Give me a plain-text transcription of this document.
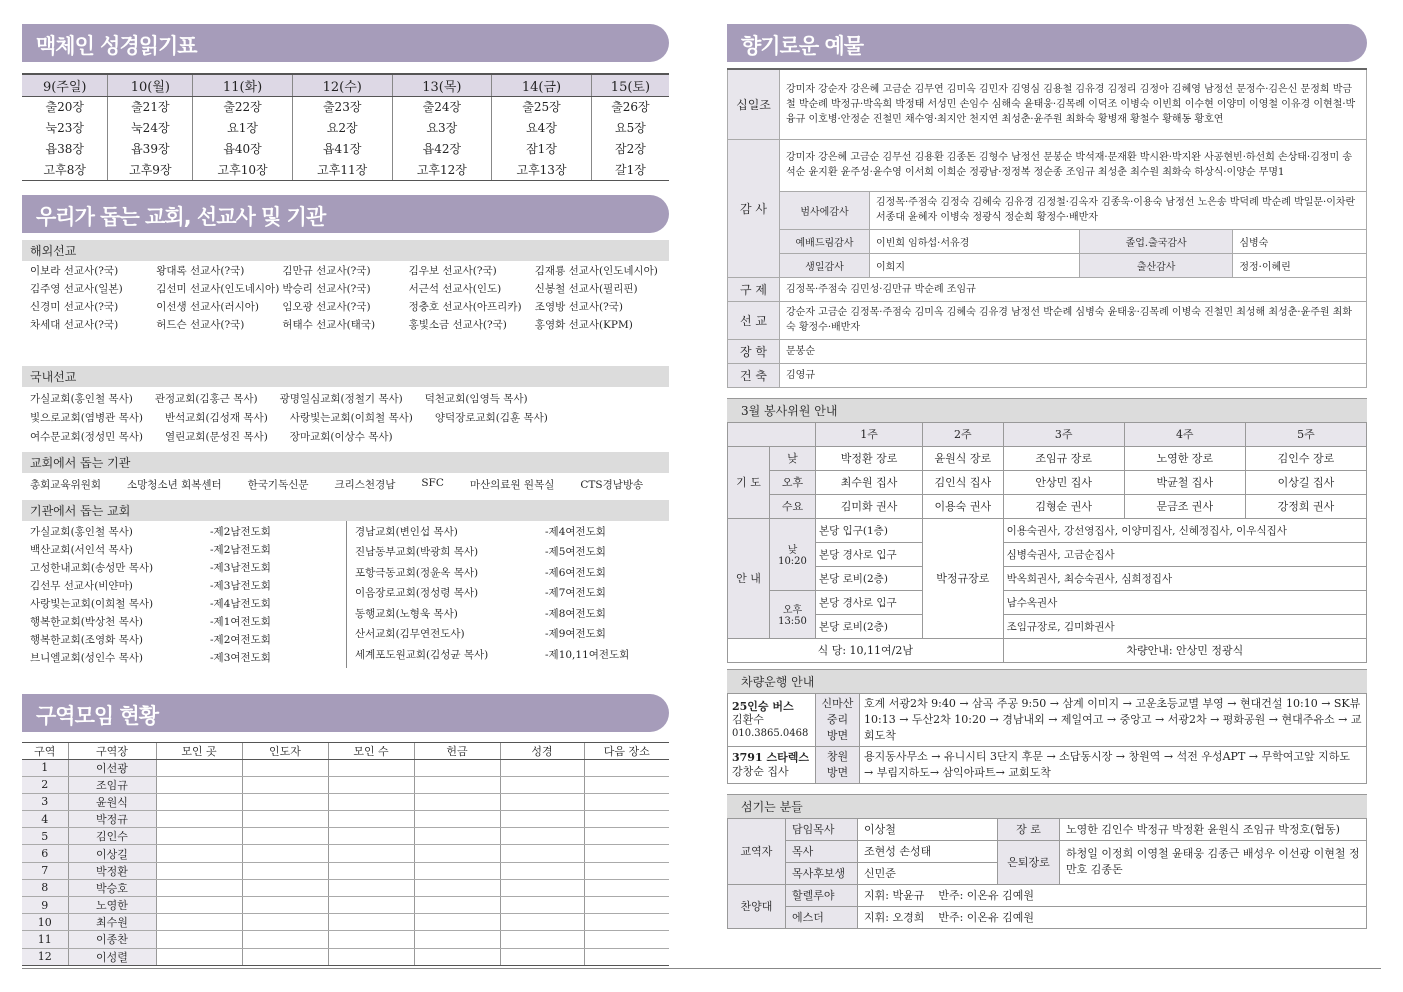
맥체인 성경읽기표
9(주일)	10(월)	11(화)	12(수)	13(목)	14(금)	15(토)
출20장	출21장	출22장	출23장	출24장	출25장	출26장
눅23장	눅24장	요1장	요2장	요3장	요4장	요5장
욥38장	욥39장	욥40장	욥41장	욥42장	잠1장	잠2장
고후8장	고후9장	고후10장	고후11장	고후12장	고후13장	갈1장
우리가 돕는 교회, 선교사 및 기관
해외선교
이보라 선교사(?국)	왕대록 선교사(?국)	김만규 선교사(?국)	김우보 선교사(?국)	김재룡 선교사(인도네시아)
김주영 선교사(일본)	김선미 선교사(인도네시아) 박승리 선교사(?국)	서근석 선교사(인도)	신봉철 선교사(필리핀)
신경미 선교사(?국)	이선생 선교사(러시아)	임오광 선교사(?국)	정충호 선교사(아프리카)	조영방 선교사(?국)
차세대 선교사(?국)	허드슨 선교사(?국)	허태수 선교사(태국)	홍빛소금 선교사(?국)	홍영화 선교사(KPM)
국내선교
가실교회(홍인철 목사) 관정교회(김홍근 목사) 광명일심교회(정철기 목사) 덕천교회(임영득 목사)
빛으로교회(염병관 목사) 반석교회(김성재 목사) 사랑빛는교회(이희철 목사) 양덕장로교회(김훈 목사)
여수문교회(정성민 목사) 열린교회(문성진 목사) 장마교회(이상수 목사)
교회에서 돕는 기관
총회교육위원회 소망청소년 회복센터 한국기독신문 크리스천경남 SFC 마산의료원 원목실 CTS경남방송
기관에서 돕는 교회
가실교회(홍인철 목사)	-제2남전도회
백산교회(서인석 목사)	-제2남전도회
고성한내교회(송성만 목사)	-제3남전도회
김선무 선교사(비얀마)	-제3남전도회
사랑빛는교회(이희철 목사)	-제4남전도회
행복한교회(박상천 목사)	-제1여전도회
행복한교회(조영화 목사)	-제2여전도회
브니엘교회(성인수 목사)	-제3여전도회
경남교회(변인섭 목사)	-제4여전도회
진남동부교회(박광희 목사)	-제5여전도회
포항극동교회(정윤옥 목사)	-제6여전도회
이음장로교회(정성령 목사)	-제7여전도회
동행교회(노형욱 목사)	-제8여전도회
산서교회(김무연전도사)	-제9여전도회
세계포도원교회(김성균 목사)	-제10,11여전도회
구역모임 현황
구역	구역장	모인 곳	인도자	모인 수	헌금	성경	다음 장소
1	이선광						
2	조임규						
3	윤원식						
4	박정규						
5	김인수						
6	이상길						
7	박정환						
8	박승호						
9	노영한						
10	최수원						
11	이종찬						
12	이성렬						
향기로운 예물
십일조	강미자 강순자 강은혜 고금순 김무연 김미옥 김민자 김영심 김용철 김유경 김정리 김정아 김혜영 남정선 문정수·김은신 문정희 박금철 박순례 박정규·박옥희 박정태 서성민 손임수 심해숙 윤태웅·김목례 이덕조 이병숙 이빈희 이수현 이양미 이영철 이유경 이현철·박융규 이호병·안정순 진철민 채수영·최지안 천지연 최성춘·윤주원 최화숙 황병재 황철수 황해동 황호연			
감 사	강미자 강은혜 고금순 김무선 김용환 김종돈 김형수 남정선 문봉순 박석재·문재환 박시완·박지완 사공현빈·하선희 손상태·김정미 송석순 윤지환 윤주성·윤수영 이서희 이희순 정광남·정정복 정순종 조임규 최성춘 최수원 최화숙 하상식·이양순 무명1			
	범사에감사	김정목·주점숙 김정숙 김혜숙 김유경 김정철·김옥자 김종욱·이용숙 남정선 노은송 박덕례 박순례 박일문·이차란 서종대 윤혜자 이병숙 정광식 정순희 황정수·배반자		
	예배드림감사	이빈희 임하섭·서유경	졸업.출국감사	심병숙
	생일감사	이희지	출산감사	정정·이혜린
구 제	김정목·주점숙 김민성·김만규 박순례 조임규			
선 교	강순자 고금순 김정목·주점숙 김미옥 김혜숙 김유경 남정선 박순례 심병숙 윤태웅·김목례 이병숙 진철민 최성해 최성춘·윤주원 최화숙 황정수·배반자			
장 학	문봉순			
건 축	김영규			
3월 봉사위원 안내
		1주	2주	3주	4주	5주
기 도	낮	박정환 장로	윤원식 장로	조임규 장로	노영한 장로	김인수 장로
	오후	최수원 집사	김인식 집사	안상민 집사	박균철 집사	이상길 집사
	수요	김미화 권사	이용숙 권사	김형순 권사	문금조 권사	강정희 권사
안 내	낮 10:20	본당 입구(1층)	박정규장로	이용숙권사, 강선영집사, 이양미집사, 신혜정집사, 이우식집사		
		본당 경사로 입구		심병숙권사, 고금순집사		
		본당 로비(2층)		박옥희권사, 최승숙권사, 심희정집사		
	오후 13:50	본당 경사로 입구		남수옥권사		
		본당 로비(2층)		조임규장로, 김미화권사		
식 당: 10,11여/2남				차량안내: 안상민 정광식		
차량운행 안내
25인승 버스
김환수
010.3865.0468	신마산 중리 방면	호계 서광2차 9:40 → 삼곡 주공 9:50 → 삼계 이미지 → 고운초등교멸 부영 → 현대건설 10:10 → SK뷰 10:13 → 두산2차 10:20 → 경남내외 → 제일여고 → 중앙고 → 서광2차 → 평화공원 → 현대주유소 → 교회도착
3791 스타렉스
강창순 집사	창원 방면	용지동사무소 → 유니시티 3단지 후문 → 소답동시장 → 창원역 → 석전 우성APT → 무학여고앞 지하도 → 부림지하도→ 삼익아파트→ 교회도착
섬기는 분들
교역자	담임목사	이상철	장 로	노영한 김인수 박정규 박정환 윤원식 조임규 박정호(협동)
	목사	조현성 손성태	은퇴장로	하청일 이정희 이영철 윤태웅 김종근 배성우 이선광 이현철 정만호 김종돈
	목사후보생	신민준		
찬양대	할렐루야	지휘: 박윤규 반주: 이온유 김예원		
	에스더	지휘: 오경희 반주: 이온유 김예원		
